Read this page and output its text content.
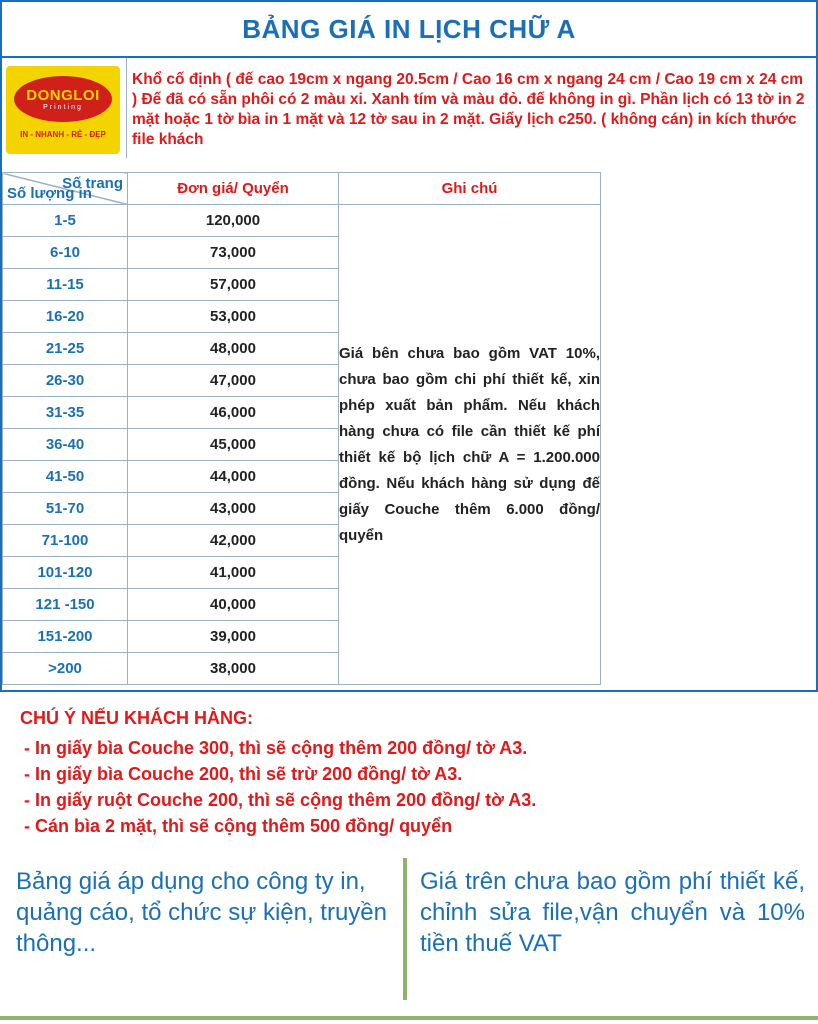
BẢNG GIÁ IN LỊCH CHỮ A
DONGLOI
Printing
IN - NHANH - RẺ - ĐẸP
Khổ cố định ( đế cao 19cm x ngang 20.5cm / Cao 16 cm x ngang 24 cm / Cao 19 cm x 24 cm ) Đế đã có sẵn phôi có 2 màu xi. Xanh tím và màu đỏ. đế không in gì. Phần lịch có 13 tờ in 2 mặt hoặc 1 tờ bìa in 1 mặt và 12 tờ sau in 2 mặt. Giấy lịch c250. ( không cán) in kích thước file khách
Số trang
Số lượng in	Đơn giá/ Quyển	Ghi chú
1-5	120,000	Giá bên chưa bao gồm VAT 10%, chưa bao gồm chi phí thiết kế, xin phép xuất bản phẩm. Nếu khách hàng chưa có file cần thiết kế phí thiết kế bộ lịch chữ A = 1.200.000 đồng. Nếu khách hàng sử dụng đế giấy Couche thêm 6.000 đồng/ quyển

6-10	73,000	
11-15	57,000	
16-20	53,000	
21-25	48,000	
26-30	47,000	
31-35	46,000	
36-40	45,000	
41-50	44,000	
51-70	43,000	
71-100	42,000	
101-120	41,000	
121 -150	40,000	
151-200	39,000	
>200	38,000	
CHÚ Ý NẾU KHÁCH HÀNG:
- In giấy bìa Couche 300, thì sẽ cộng thêm 200 đồng/ tờ A3.
- In giấy bìa Couche 200, thì sẽ trừ 200 đồng/ tờ A3.
- In giấy ruột Couche 200, thì sẽ cộng thêm 200 đồng/ tờ A3.
- Cán bìa 2 mặt, thì sẽ cộng thêm 500 đồng/ quyển
Bảng giá áp dụng cho công ty in, quảng cáo, tổ chức sự kiện, truyền thông...
Giá trên chưa bao gồm phí thiết kế, chỉnh sửa file,vận chuyển và 10% tiền thuế VAT
